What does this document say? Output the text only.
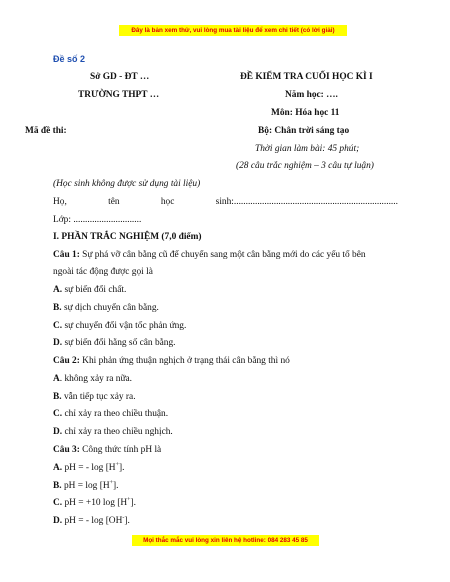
Đây là bản xem thử, vui lòng mua tài liệu để xem chi tiết (có lời giải)
Đề số 2
Sở GD - ĐT …	ĐỀ KIỂM TRA CUỐI HỌC KÌ I
TRƯỜNG THPT …	Năm học: ….
Môn: Hóa học 11
Mã đề thi:	Bộ: Chân trời sáng tạo
Thời gian làm bài: 45 phút;
(28 câu trắc nghiệm – 3 câu tự luận)
(Học sinh không được sử dụng tài liệu)
Họ,	tên	học	sinh:......................................................................
Lớp: .............................
I. PHẦN TRẮC NGHIỆM (7,0 điểm)
Câu 1: Sự phá vỡ cân bằng cũ để chuyển sang một cân bằng mới do các yếu tố bên
ngoài tác động được gọi là
A. sự biến đổi chất.
B. sự dịch chuyển cân bằng.
C. sự chuyển đổi vận tốc phản ứng.
D. sự biến đổi hằng số cân bằng.
Câu 2: Khi phản ứng thuận nghịch ở trạng thái cân bằng thì nó
A. không xảy ra nữa.
B. vẫn tiếp tục xảy ra.
C. chỉ xảy ra theo chiều thuận.
D. chỉ xảy ra theo chiều nghịch.
Câu 3: Công thức tính pH là
A. pH = - log [H+].
B. pH = log [H+].
C. pH = +10 log [H+].
D. pH = - log [OH-].
Mọi thắc mắc vui lòng xin liên hệ hotline: 084 283 45 85
